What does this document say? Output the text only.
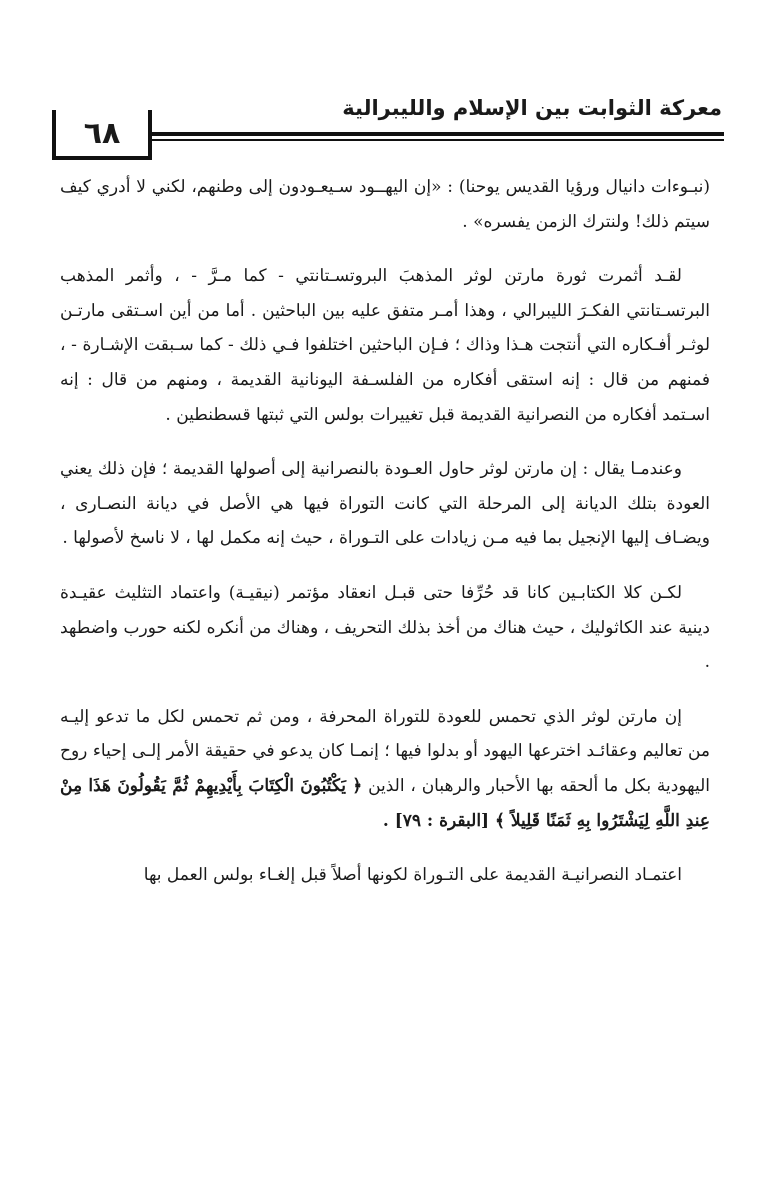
٦٨
معركة الثوابت بين الإسلام والليبرالية

(نبـوءات دانيال ورؤيا القديس يوحنا) : «إن اليهــود سـيعـودون إلى وطنهم، لكني لا أدري كيف سيتم ذلك! ولنترك الزمن يفسره» .

لقـد أثمرت ثورة مارتن لوثر المذهبَ البروتسـتانتي - كما مـرَّ - ، وأثمر المذهب البرتسـتانتي الفكـرَ الليبرالي ، وهذا أمـر متفق عليه بين الباحثين . أما من أين اسـتقى مارتـن لوثـر أفـكاره التي أنتجت هـذا وذاك ؛ فـإن الباحثين اختلفوا فـي ذلك - كما سـبقت الإشـارة - ، فمنهم من قال : إنه استقى أفكاره من الفلسـفة اليونانية القديمة ، ومنهم من قال : إنه اسـتمد أفكاره من النصرانية القديمة قبل تغييرات بولس التي ثبتها قسطنطين .

وعندمـا يقال : إن مارتن لوثر حاول العـودة بالنصرانية إلى أصولها القديمة ؛ فإن ذلك يعني العودة بتلك الديانة إلى المرحلة التي كانت التوراة فيها هي الأصل في ديانة النصـارى ، ويضـاف إليها الإنجيل بما فيه مـن زيادات على التـوراة ، حيث إنه مكمل لها ، لا ناسخ لأصولها .

لكـن كلا الكتابـين كانا قد حُرِّفا حتى قبـل انعقاد مؤتمر (نيقيـة) واعتماد التثليث عقيـدة دينية عند الكاثوليك ، حيث هناك من أخذ بذلك التحريف ، وهناك من أنكره لكنه حورب واضطهد .

إن مارتن لوثر الذي تحمس للعودة للتوراة المحرفة ، ومن ثم تحمس لكل ما تدعو إليـه من تعاليم وعقائـد اخترعها اليهود أو بدلوا فيها ؛ إنمـا كان يدعو في حقيقة الأمر إلـى إحياء روح اليهودية بكل ما ألحقه بها الأحبار والرهبان ، الذين ﴿ يَكْتُبُونَ الْكِتَابَ بِأَيْدِيهِمْ ثُمَّ يَقُولُونَ هَذَا مِنْ عِندِ اللَّهِ لِيَشْتَرُوا بِهِ ثَمَنًا قَلِيلاً ﴾ [البقرة : ٧٩] .

اعتمـاد النصرانيـة القديمة على التـوراة لكونها أصلاً قبل إلغـاء بولس العمل بها
